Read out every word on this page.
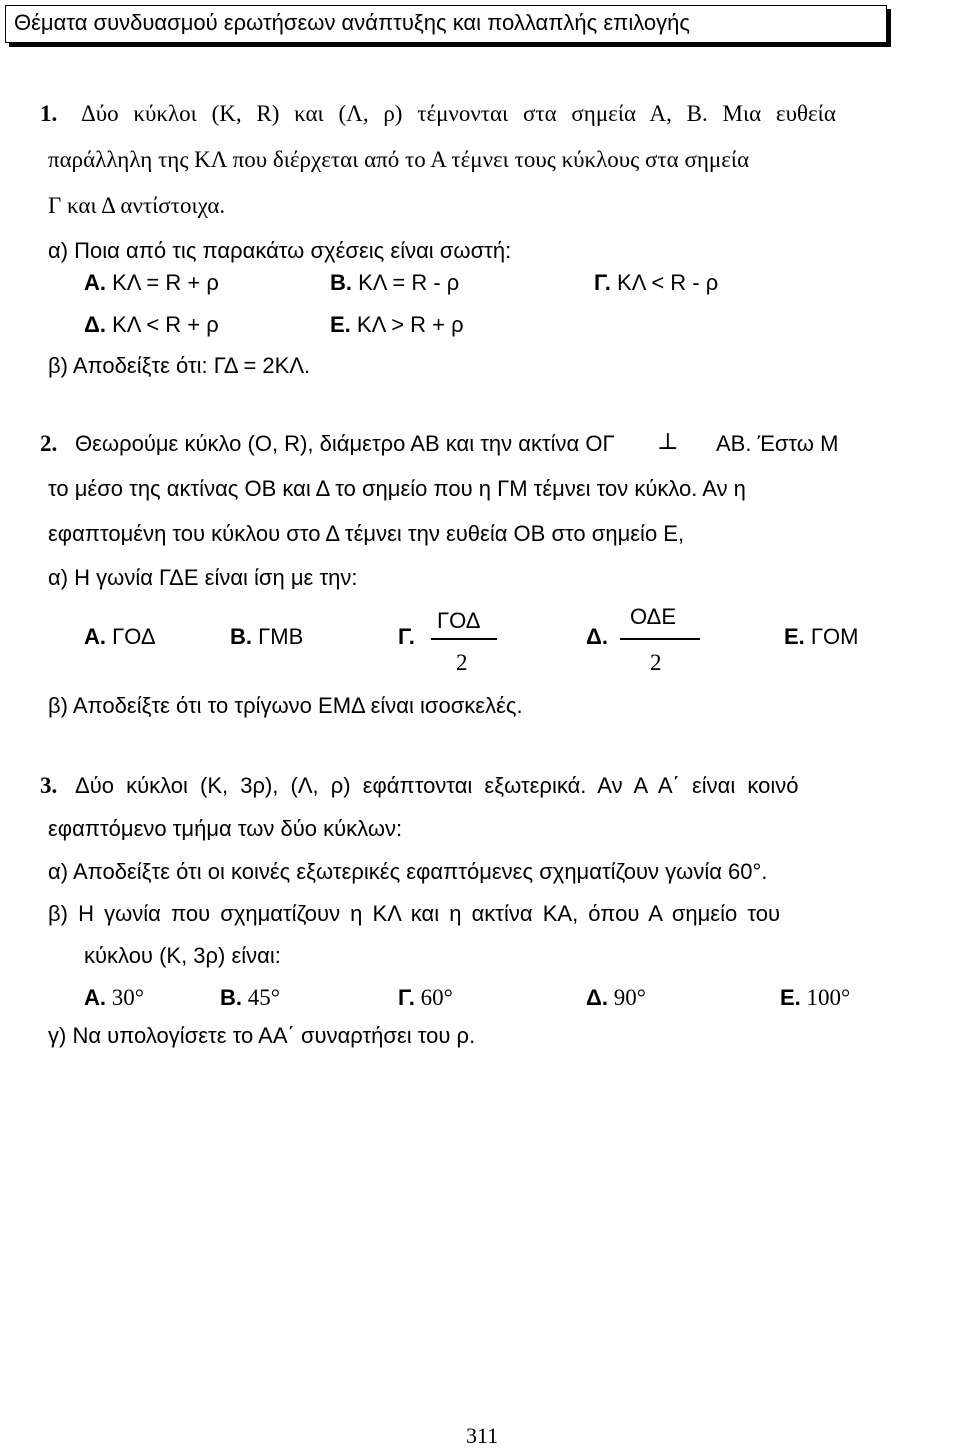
Θέματα συνδυασμού ερωτήσεων ανάπτυξης και πολλαπλής επιλογής
1. Δύο κύκλοι (Κ, R) και (Λ, ρ) τέμνονται στα σημεία Α, Β. Μια ευθεία
παράλληλη της ΚΛ που διέρχεται από το Α τέμνει τους κύκλους στα σημεία
Γ και Δ αντίστοιχα.
α) Ποια από τις παρακάτω σχέσεις είναι σωστή:
Α. ΚΛ = R + ρ	Β. ΚΛ = R - ρ	Γ. ΚΛ < R - ρ
Δ. ΚΛ < R + ρ	Ε. ΚΛ > R + ρ
β) Αποδείξτε ότι: ΓΔ = 2ΚΛ.
2. Θεωρούμε κύκλο (Ο, R), διάμετρο ΑΒ και την ακτίνα ΟΓ ⊥ ΑΒ. Έστω Μ
το μέσο της ακτίνας ΟΒ και Δ το σημείο που η ΓΜ τέμνει τον κύκλο. Αν η
εφαπτομένη του κύκλου στο Δ τέμνει την ευθεία ΟΒ στο σημείο Ε,
α) Η γωνία ΓΔΕ είναι ίση με την:
Α. ΓΟΔ	Β. ΓΜΒ	Γ.
ΓΟΔ
2
Δ.
ΟΔΕ
2
Ε. ΓΟΜ
β) Αποδείξτε ότι το τρίγωνο ΕΜΔ είναι ισοσκελές.
3. Δύο κύκλοι (Κ, 3ρ), (Λ, ρ) εφάπτονται εξωτερικά. Αν Α Α΄ είναι κοινό
εφαπτόμενο τμήμα των δύο κύκλων:
α) Αποδείξτε ότι οι κοινές εξωτερικές εφαπτόμενες σχηματίζουν γωνία 60°.
β) Η γωνία που σχηματίζουν η ΚΛ και η ακτίνα ΚΑ, όπου Α σημείο του
κύκλου (Κ, 3ρ) είναι:
Α. 30°	Β. 45°	Γ. 60°	Δ. 90°	Ε. 100°
γ) Να υπολογίσετε το ΑΑ΄ συναρτήσει του ρ.
311
